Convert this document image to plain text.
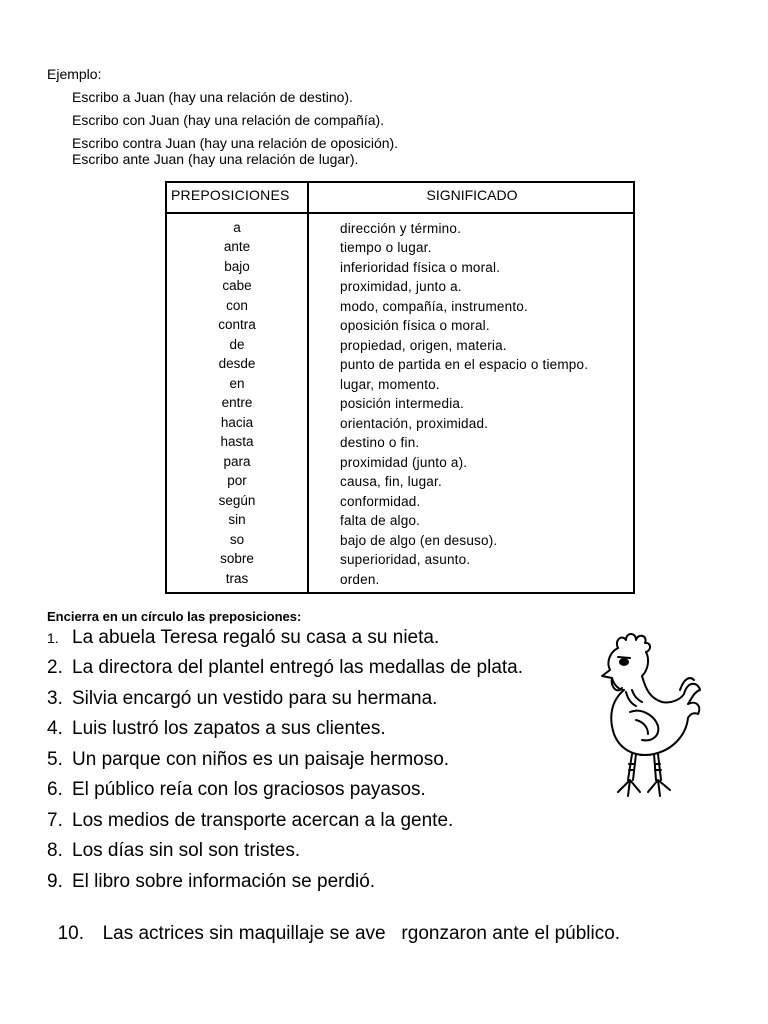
Ejemplo:
Escribo a Juan (hay una relación de destino).
Escribo con Juan (hay una relación de compañía).
Escribo contra Juan (hay una relación de oposición).
Escribo ante Juan (hay una relación de lugar).
PREPOSICIONES	SIGNIFICADO
a	dirección y término.
ante	tiempo o lugar.
bajo	inferioridad física o moral.
cabe	proximidad, junto a.
con	modo, compañía, instrumento.
contra	oposición física o moral.
de	propiedad, origen, materia.
desde	punto de partida en el espacio o tiempo.
en	lugar, momento.
entre	posición intermedia.
hacia	orientación, proximidad.
hasta	destino o fin.
para	proximidad (junto a).
por	causa, fin, lugar.
según	conformidad.
sin	falta de algo.
so	bajo de algo (en desuso).
sobre	superioridad, asunto.
tras	orden.
Encierra en un círculo las preposiciones:
1. La abuela Teresa regaló su casa a su nieta.
2. La directora del plantel entregó las medallas de plata.
3. Silvia encargó un vestido para su hermana.
4. Luis lustró los zapatos a sus clientes.
5. Un parque con niños es un paisaje hermoso.
6. El público reía con los graciosos payasos.
7. Los medios de transporte acercan a la gente.
8. Los días sin sol son tristes.
9. El libro sobre información se perdió.

10. Las actrices sin maquillaje se ave   rgonzaron ante el público.
